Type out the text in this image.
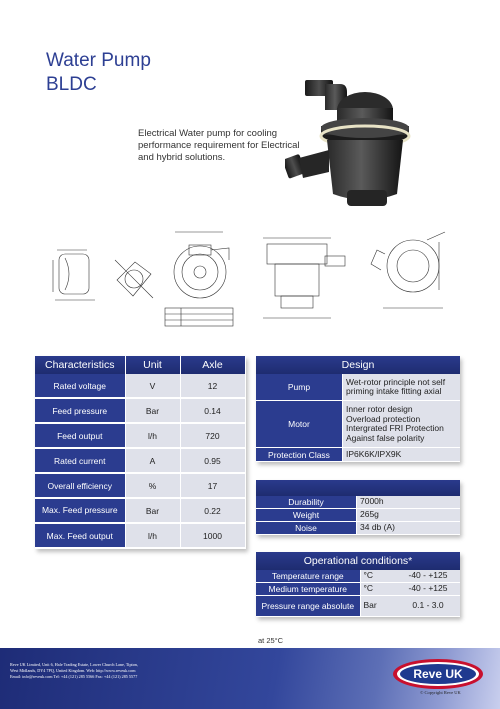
Water Pump
BLDC
Electrical Water pump for cooling performance requirement for Electrical and hybrid solutions.
Characteristics	Unit	Axle
Rated voltage	V	12
Feed pressure	Bar	0.14
Feed output	l/h	720
Rated current	A	0.95
Overall efficiency	%	17
Max. Feed pressure	Bar	0.22
Max. Feed output	l/h	1000
Design
Pump	Wet-rotor principle not self priming intake fitting axial
Motor	Inner rotor design
Overload protection
Intergrated FRI Protection
Against false polarity

Protection Class	IP6K6K/IPX9K
Durability	7000h
Weight	265g
Noise	34 db (A)
Operational conditions*
Temperature range	°C	-40 - +125
Medium temperature	°C	-40 - +125
Pressure range absolute	Bar	0.1 - 3.0
at 25°C
Reve UK Limited, Unit 6, Hale Trading Estate, Lower Church Lane, Tipton,
West Midlands, DY4 7PQ, United Kingdom. Web: http://www.reveuk.com
Email: info@reveuk.com Tel: +44 (121) 285 5566 Fax: +44 (121) 285 5577	Reve UK
© Copyright Reve UK
